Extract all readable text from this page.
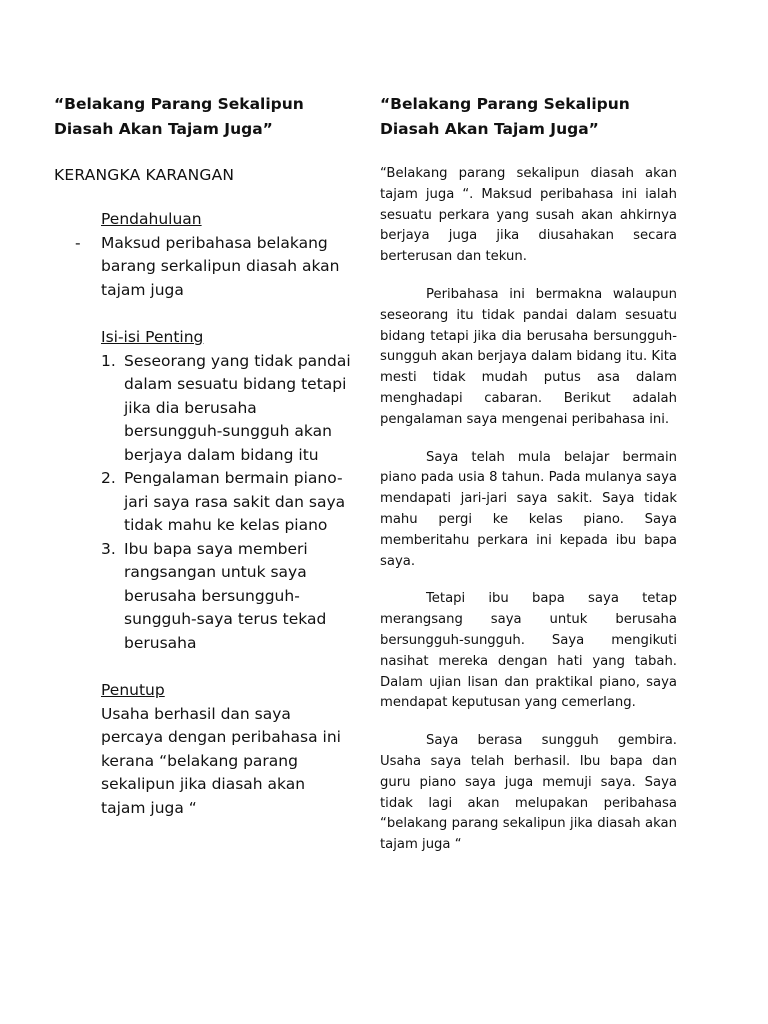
“Belakang Parang Sekalipun
Diasah Akan Tajam Juga”
KERANGKA KARANGAN
Pendahuluan
- Maksud peribahasa belakang barang serkalipun diasah akan tajam juga
Isi-isi Penting
1. Seseorang yang tidak pandai dalam sesuatu bidang tetapi jika dia berusaha bersungguh-sungguh akan berjaya dalam bidang itu
2. Pengalaman bermain piano-jari saya rasa sakit dan saya tidak mahu ke kelas piano
3. Ibu bapa saya memberi rangsangan untuk saya berusaha bersungguh-sungguh-saya terus tekad berusaha
Penutup

Usaha berhasil dan saya percaya dengan peribahasa ini kerana “belakang parang sekalipun jika diasah akan tajam juga “

“Belakang Parang Sekalipun
Diasah Akan Tajam Juga”

“Belakang parang sekalipun diasah akan tajam juga “. Maksud peribahasa ini ialah sesuatu perkara yang susah akan ahkirnya berjaya juga jika diusahakan secara berterusan dan tekun.

Peribahasa ini bermakna walaupun seseorang itu tidak pandai dalam sesuatu bidang tetapi jika dia berusaha bersungguh-sungguh akan berjaya dalam bidang itu. Kita mesti tidak mudah putus asa dalam menghadapi cabaran. Berikut adalah pengalaman saya mengenai peribahasa ini.

Saya telah mula belajar bermain piano pada usia 8 tahun. Pada mulanya saya mendapati jari-jari saya sakit. Saya tidak mahu pergi ke kelas piano. Saya memberitahu perkara ini kepada ibu bapa saya.

Tetapi ibu bapa saya tetap merangsang saya untuk berusaha bersungguh-sungguh. Saya mengikuti nasihat mereka dengan hati yang tabah. Dalam ujian lisan dan praktikal piano, saya mendapat keputusan yang cemerlang.

Saya berasa sungguh gembira. Usaha saya telah berhasil. Ibu bapa dan guru piano saya juga memuji saya. Saya tidak lagi akan melupakan peribahasa “belakang parang sekalipun jika diasah akan tajam juga “
